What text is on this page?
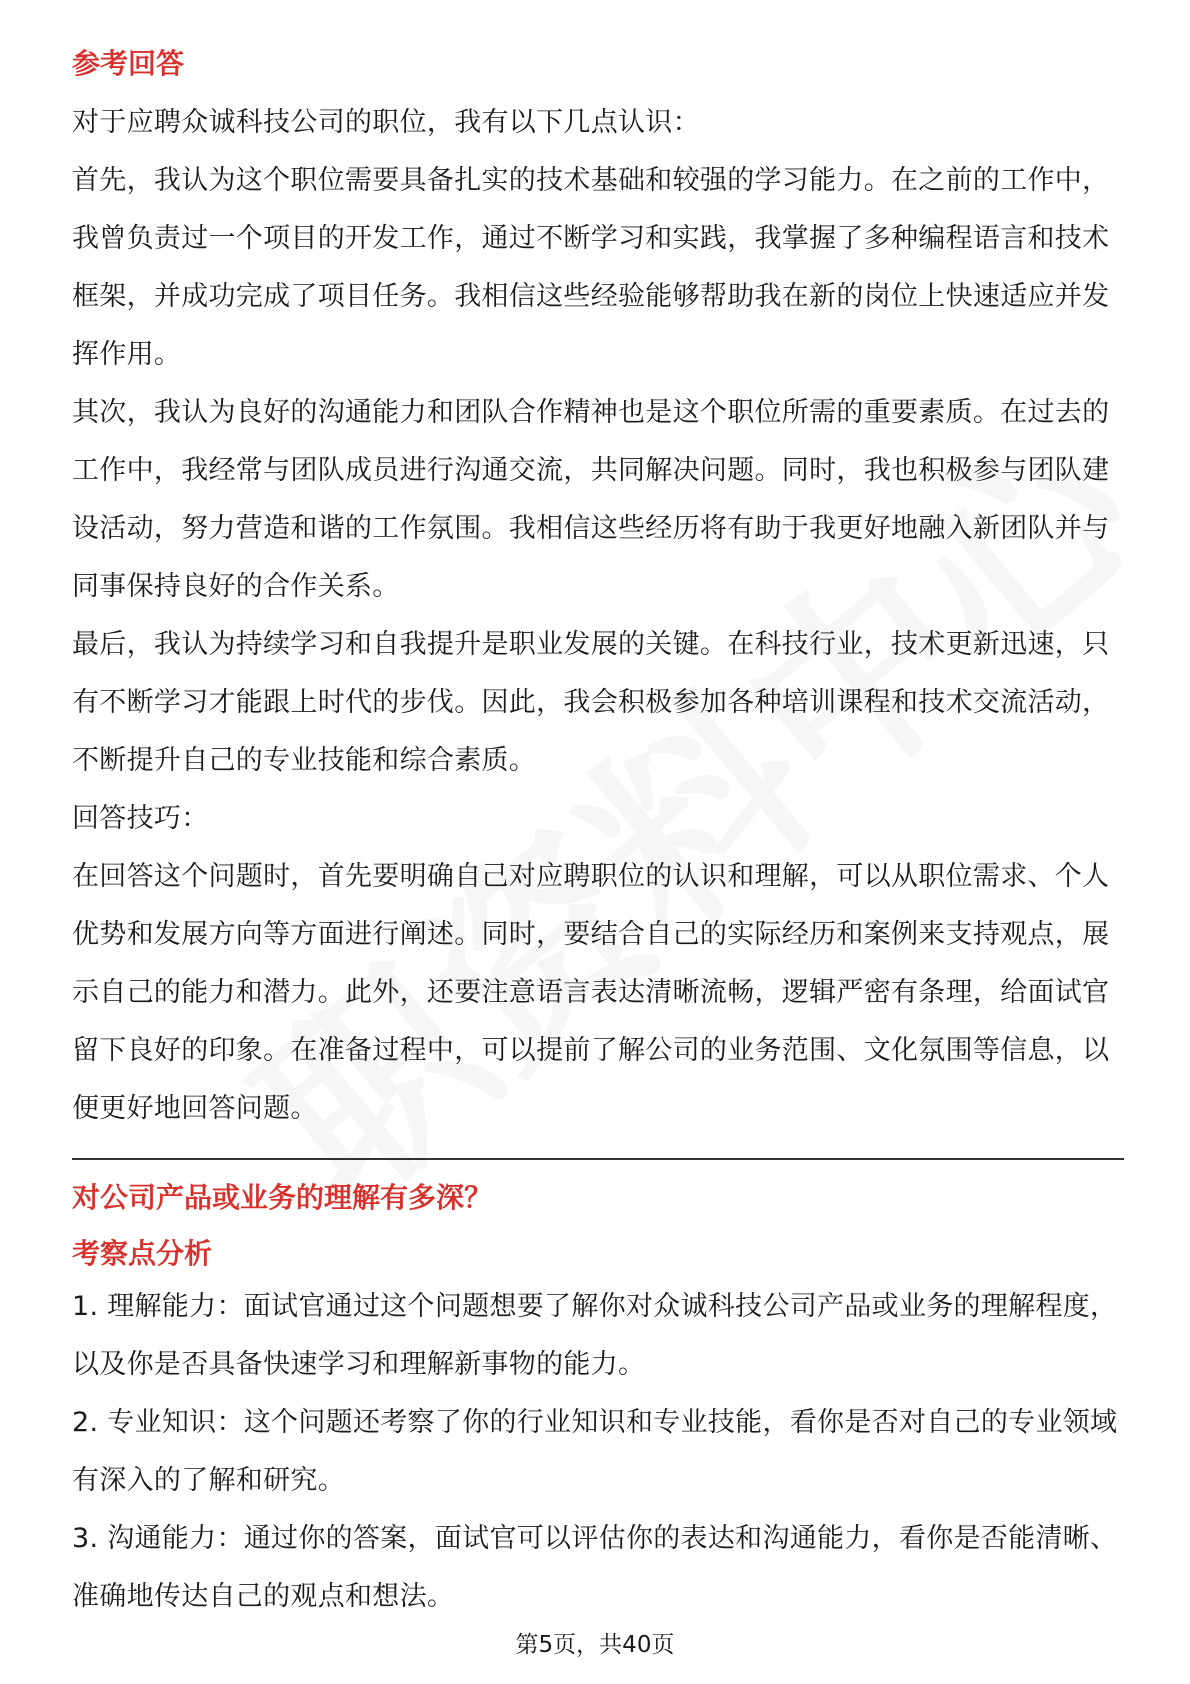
参考回答

对于应聘众诚科技公司的职位，我有以下几点认识：

首先，我认为这个职位需要具备扎实的技术基础和较强的学习能力。在之前的工作中，我曾负责过一个项目的开发工作，通过不断学习和实践，我掌握了多种编程语言和技术框架，并成功完成了项目任务。我相信这些经验能够帮助我在新的岗位上快速适应并发挥作用。

其次，我认为良好的沟通能力和团队合作精神也是这个职位所需的重要素质。在过去的工作中，我经常与团队成员进行沟通交流，共同解决问题。同时，我也积极参与团队建设活动，努力营造和谐的工作氛围。我相信这些经历将有助于我更好地融入新团队并与同事保持良好的合作关系。

最后，我认为持续学习和自我提升是职业发展的关键。在科技行业，技术更新迅速，只有不断学习才能跟上时代的步伐。因此，我会积极参加各种培训课程和技术交流活动，不断提升自己的专业技能和综合素质。

回答技巧：

在回答这个问题时，首先要明确自己对应聘职位的认识和理解，可以从职位需求、个人优势和发展方向等方面进行阐述。同时，要结合自己的实际经历和案例来支持观点，展示自己的能力和潜力。此外，还要注意语言表达清晰流畅，逻辑严密有条理，给面试官留下良好的印象。在准备过程中，可以提前了解公司的业务范围、文化氛围等信息，以便更好地回答问题。

对公司产品或业务的理解有多深？
考察点分析

1. 理解能力：面试官通过这个问题想要了解你对众诚科技公司产品或业务的理解程度，以及你是否具备快速学习和理解新事物的能力。

2. 专业知识：这个问题还考察了你的行业知识和专业技能，看你是否对自己的专业领域有深入的了解和研究。

3. 沟通能力：通过你的答案，面试官可以评估你的表达和沟通能力，看你是否能清晰、准确地传达自己的观点和想法。

第5页，共40页
